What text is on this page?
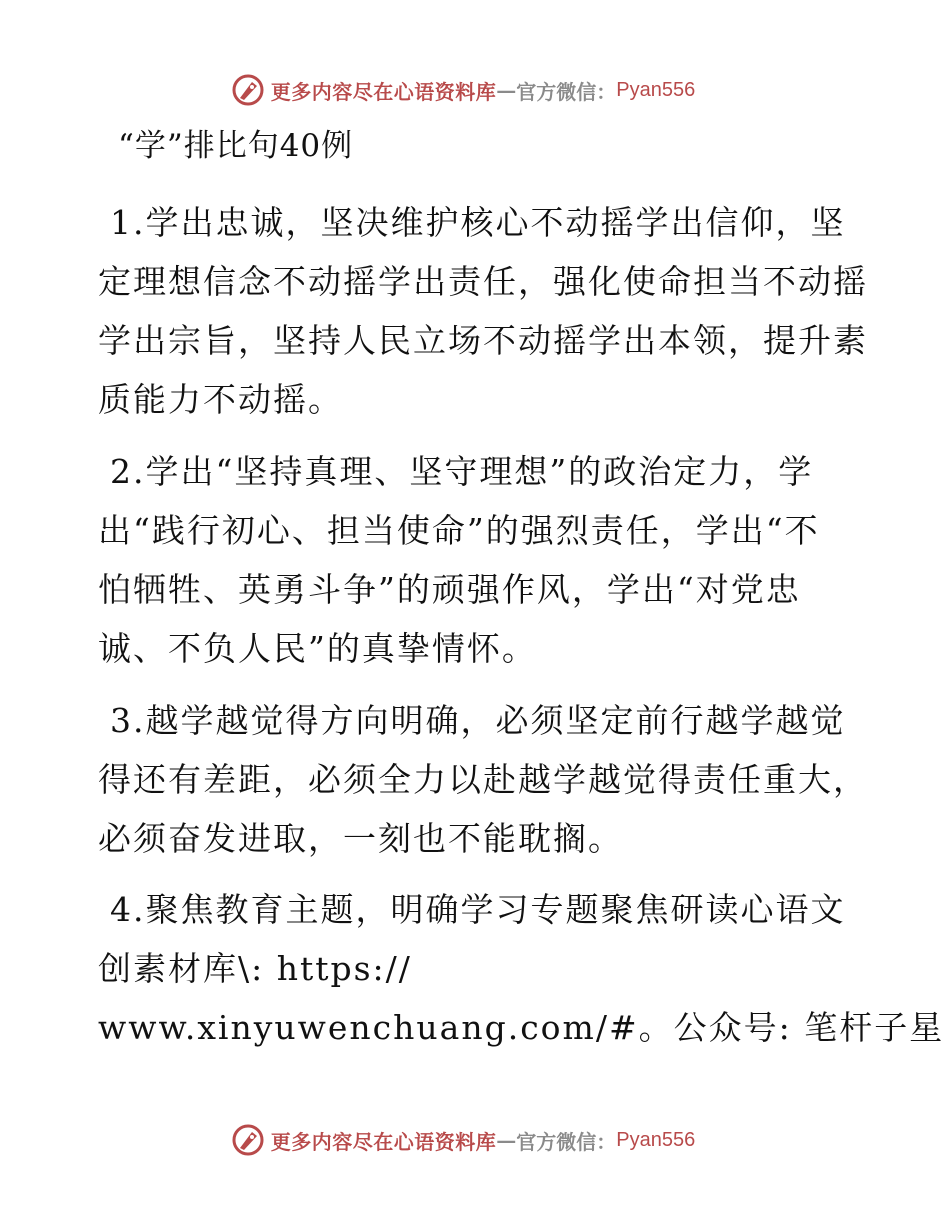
更多内容尽在心语资料库 — 官方微信： Pyan556
“学”排比句40例
1.学出忠诚，坚决维护核心不动摇学出信仰，坚
定理想信念不动摇学出责任，强化使命担当不动摇
学出宗旨，坚持人民立场不动摇学出本领，提升素
质能力不动摇。
2.学出“坚持真理、坚守理想”的政治定力，学
出“践行初心、担当使命”的强烈责任，学出“不
怕牺牲、英勇斗争”的顽强作风，学出“对党忠
诚、不负人民”的真挚情怀。
3.越学越觉得方向明确，必须坚定前行越学越觉
得还有差距，必须全力以赴越学越觉得责任重大，
必须奋发进取，一刻也不能耽搁。
4.聚焦教育主题，明确学习专题聚焦研读心语文
创素材库\: https://
www.xinyuwenchuang.com/#。公众号: 笔杆子星
更多内容尽在心语资料库 — 官方微信： Pyan556
